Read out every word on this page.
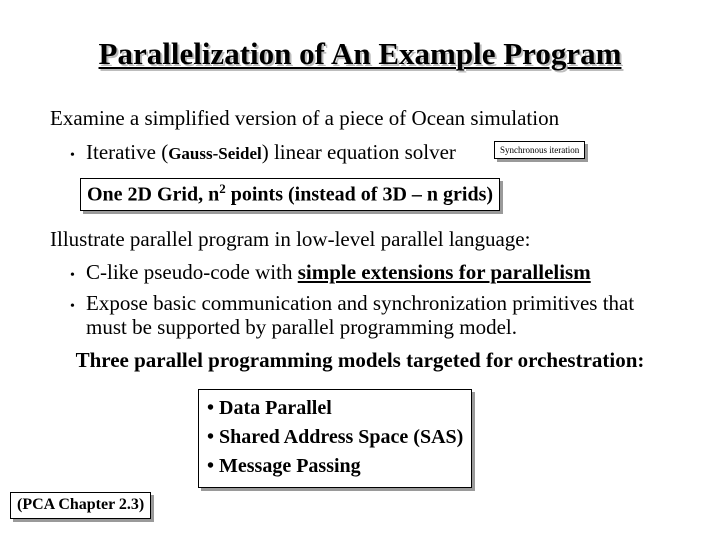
Parallelization of An Example Program
Examine a simplified version of a piece of Ocean simulation
• Iterative (Gauss-Seidel) linear equation solver	Synchronous iteration
One 2D Grid, $n^2$ points (instead of 3D – n grids)
Illustrate parallel program in low-level parallel language:
• C-like pseudo-code with simple extensions for parallelism
• Expose basic communication and synchronization primitives that
must be supported by parallel programming model.
Three parallel programming models targeted for orchestration:
• Data Parallel
• Shared Address Space (SAS)
• Message Passing
(PCA Chapter 2.3)
